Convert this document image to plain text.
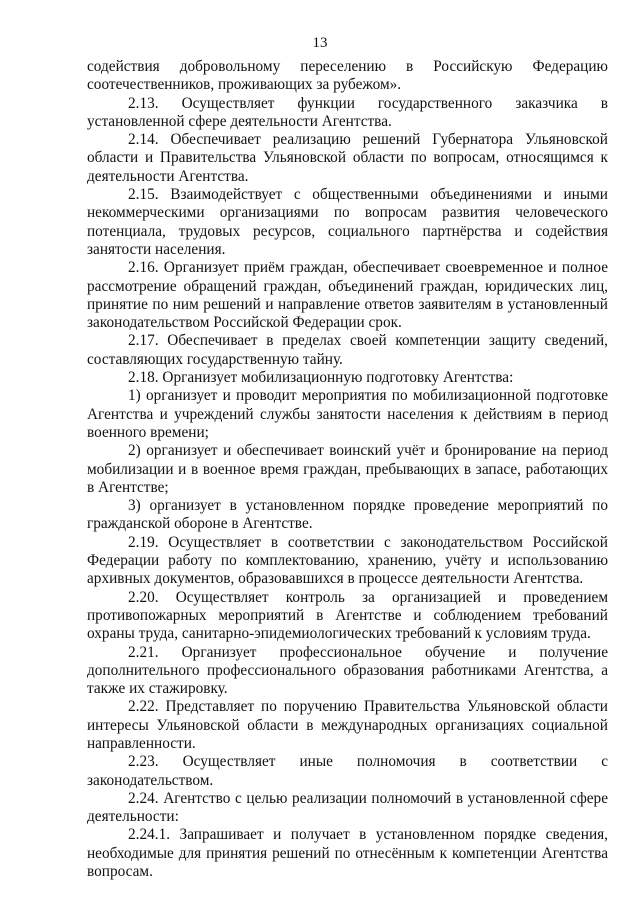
13

содействия добровольному переселению в Российскую Федерацию соотечественников, проживающих за рубежом».

2.13. Осуществляет функции государственного заказчика в установленной сфере деятельности Агентства.

2.14. Обеспечивает реализацию решений Губернатора Ульяновской области и Правительства Ульяновской области по вопросам, относящимся к деятельности Агентства.

2.15. Взаимодействует с общественными объединениями и иными некоммерческими организациями по вопросам развития человеческого потенциала, трудовых ресурсов, социального партнёрства и содействия занятости населения.

2.16. Организует приём граждан, обеспечивает своевременное и полное рассмотрение обращений граждан, объединений граждан, юридических лиц, принятие по ним решений и направление ответов заявителям в установленный законодательством Российской Федерации срок.

2.17. Обеспечивает в пределах своей компетенции защиту сведений, составляющих государственную тайну.

2.18. Организует мобилизационную подготовку Агентства:

1) организует и проводит мероприятия по мобилизационной подготовке Агентства и учреждений службы занятости населения к действиям в период военного времени;

2) организует и обеспечивает воинский учёт и бронирование на период мобилизации и в военное время граждан, пребывающих в запасе, работающих в Агентстве;

3) организует в установленном порядке проведение мероприятий по гражданской обороне в Агентстве.

2.19. Осуществляет в соответствии с законодательством Российской Федерации работу по комплектованию, хранению, учёту и использованию архивных документов, образовавшихся в процессе деятельности Агентства.

2.20. Осуществляет контроль за организацией и проведением противопожарных мероприятий в Агентстве и соблюдением требований охраны труда, санитарно-эпидемиологических требований к условиям труда.

2.21. Организует профессиональное обучение и получение дополнительного профессионального образования работниками Агентства, а также их стажировку.

2.22. Представляет по поручению Правительства Ульяновской области интересы Ульяновской области в международных организациях социальной направленности.

2.23. Осуществляет иные полномочия в соответствии с законодательством.

2.24. Агентство с целью реализации полномочий в установленной сфере деятельности:

2.24.1. Запрашивает и получает в установленном порядке сведения, необходимые для принятия решений по отнесённым к компетенции Агентства вопросам.
